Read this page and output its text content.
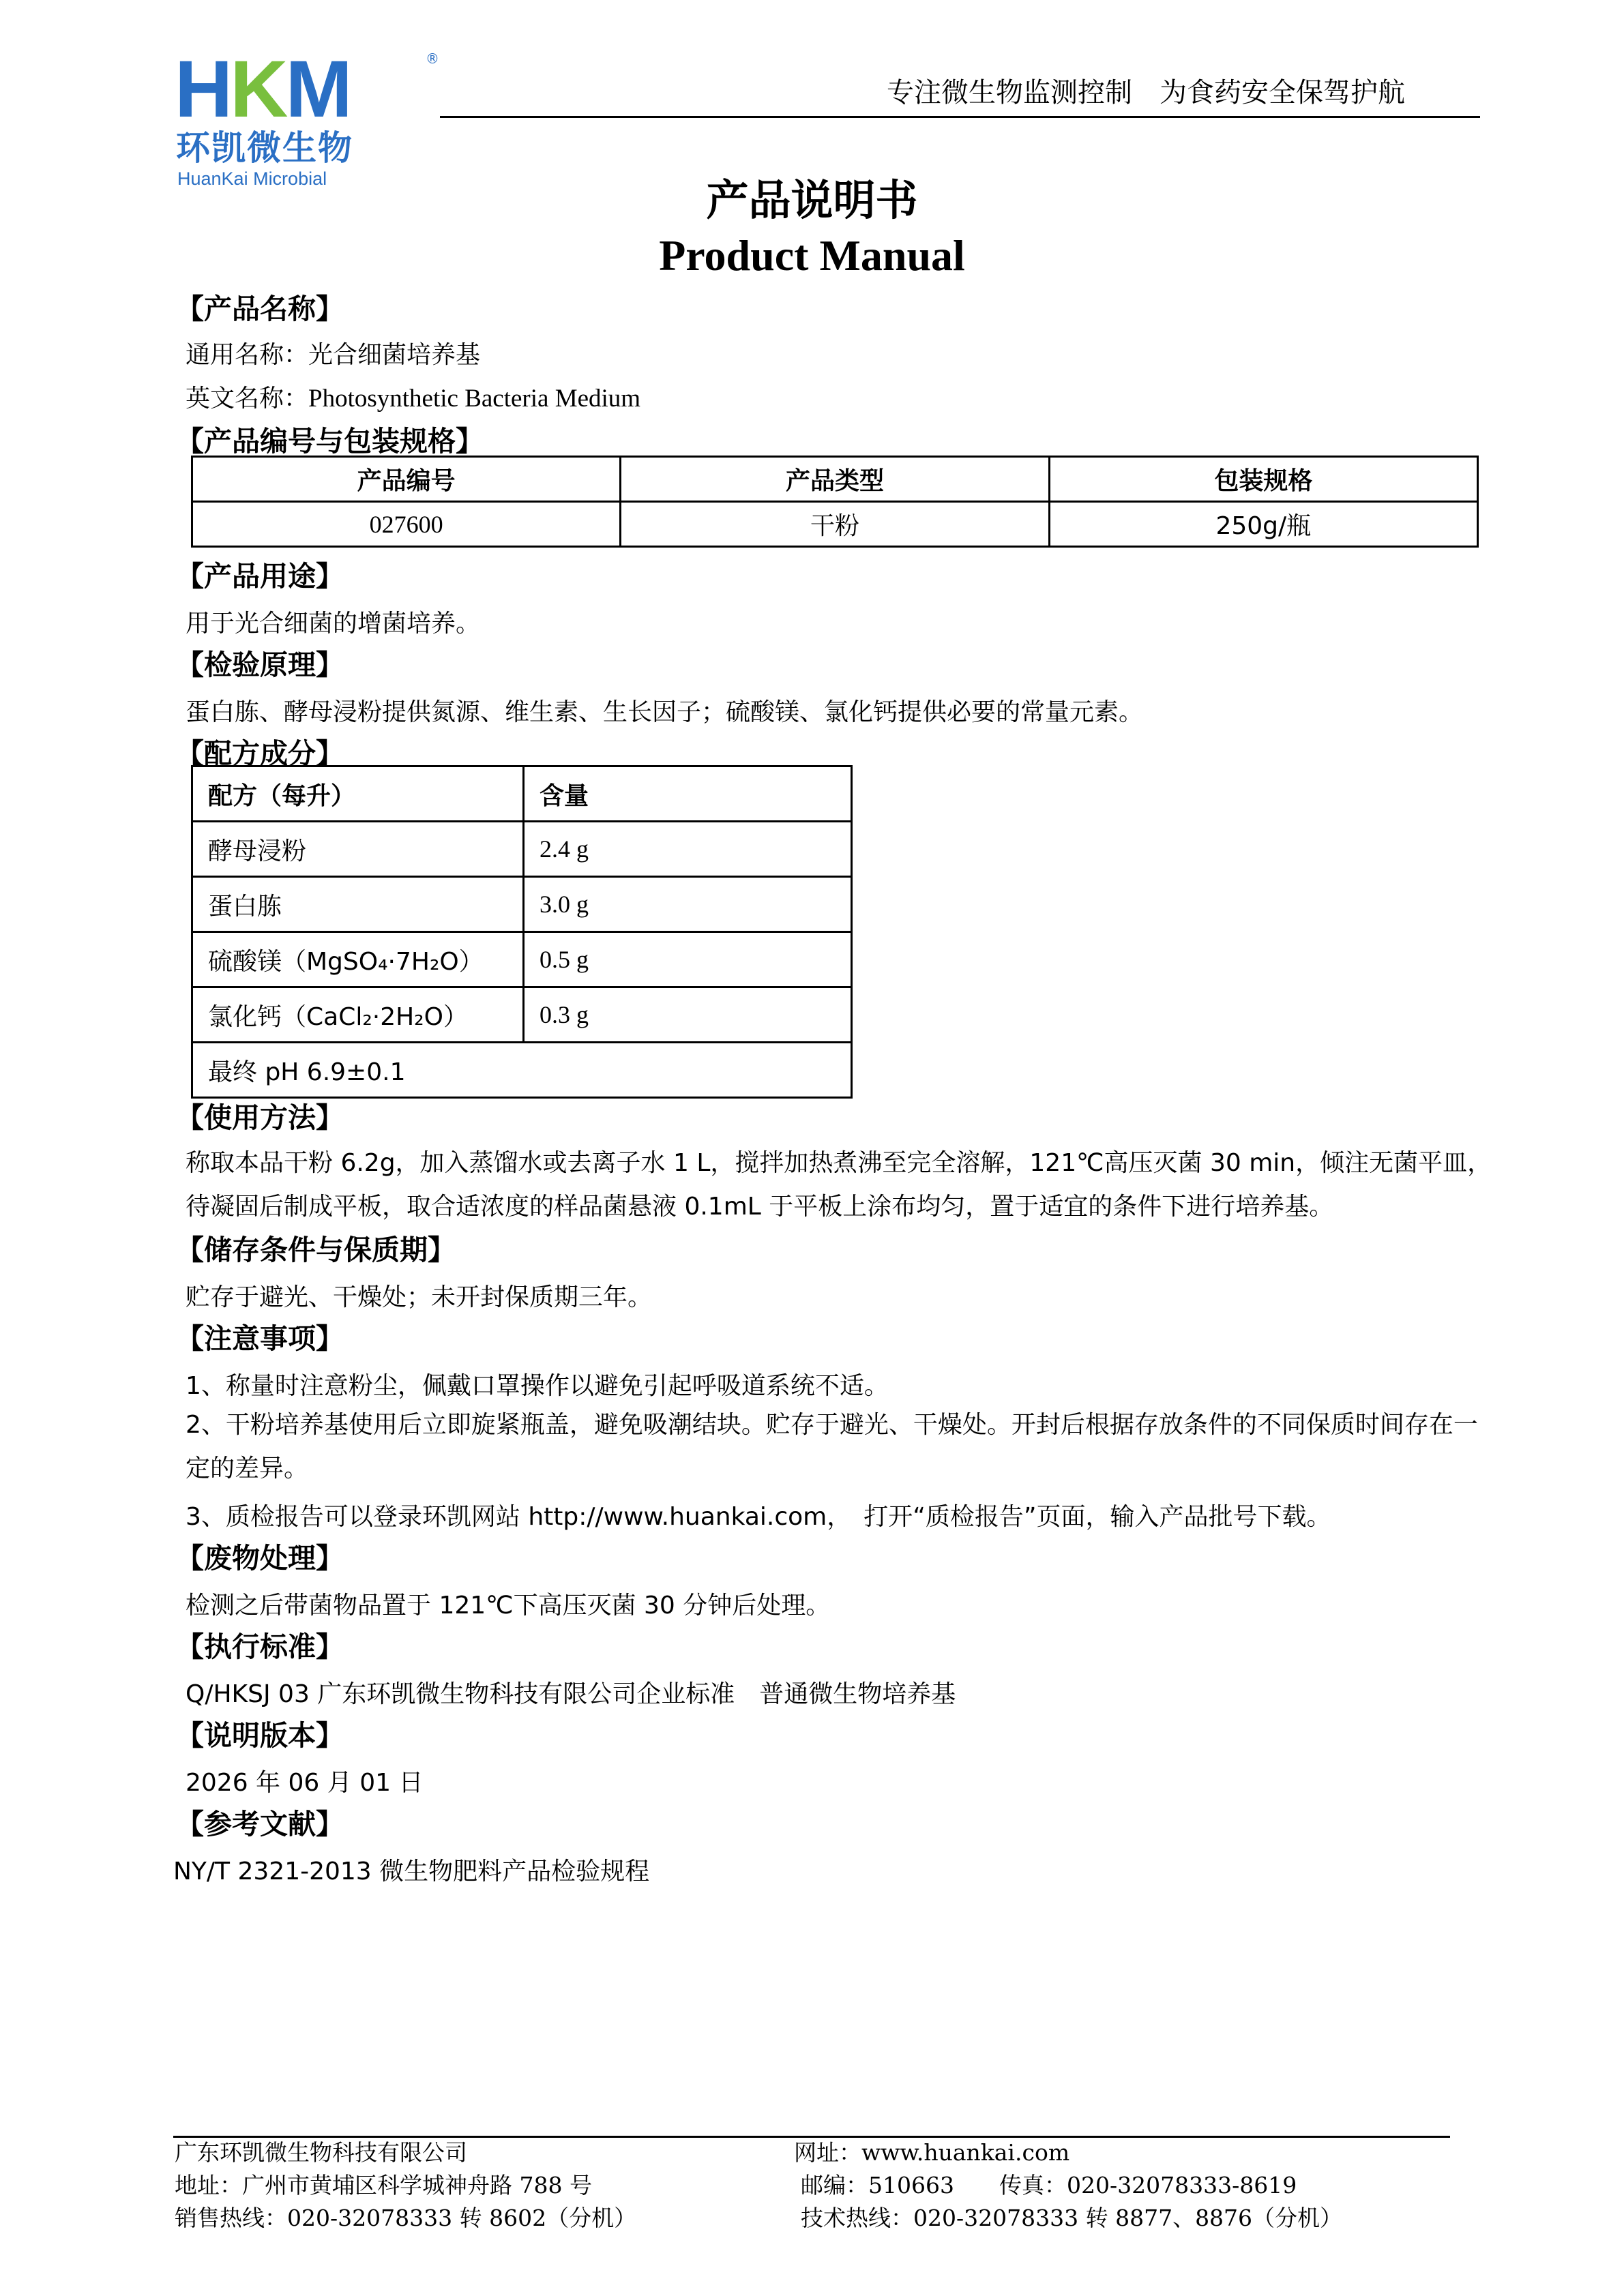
HKM	®
环凯微生物
HuanKai Microbial
专注微生物监测控制　为食药安全保驾护航
产品说明书
Product Manual
【产品名称】
通用名称：光合细菌培养基
英文名称：Photosynthetic Bacteria Medium
【产品编号与包装规格】
产品编号	产品类型	包装规格
027600	干粉	250g/瓶
【产品用途】
用于光合细菌的增菌培养。
【检验原理】
蛋白胨、酵母浸粉提供氮源、维生素、生长因子；硫酸镁、氯化钙提供必要的常量元素。
【配方成分】
配方（每升）	含量
酵母浸粉	2.4 g
蛋白胨	3.0 g
硫酸镁（MgSO₄·7H₂O）	0.5 g
氯化钙（CaCl₂·2H₂O）	0.3 g
最终 pH 6.9±0.1	
【使用方法】
称取本品干粉 6.2g，加入蒸馏水或去离子水 1 L，搅拌加热煮沸至完全溶解，121℃高压灭菌 30 min，倾注无菌平皿，待凝固后制成平板，取合适浓度的样品菌悬液 0.1mL 于平板上涂布均匀，置于适宜的条件下进行培养基。
【储存条件与保质期】
贮存于避光、干燥处；未开封保质期三年。
【注意事项】
1、称量时注意粉尘，佩戴口罩操作以避免引起呼吸道系统不适。
2、干粉培养基使用后立即旋紧瓶盖，避免吸潮结块。贮存于避光、干燥处。开封后根据存放条件的不同保质时间存在一定的差异。
3、质检报告可以登录环凯网站 http://www.huankai.com，　打开“质检报告”页面，输入产品批号下载。
【废物处理】
检测之后带菌物品置于 121℃下高压灭菌 30 分钟后处理。
【执行标准】
Q/HKSJ 03 广东环凯微生物科技有限公司企业标准　普通微生物培养基
【说明版本】
2026 年 06 月 01 日
【参考文献】
NY/T 2321-2013 微生物肥料产品检验规程
广东环凯微生物科技有限公司	网址：www.huankai.com
地址：广州市黄埔区科学城神舟路 788 号	邮编：510663　　传真：020-32078333-8619
销售热线：020-32078333 转 8602（分机）	技术热线：020-32078333 转 8877、8876（分机）
